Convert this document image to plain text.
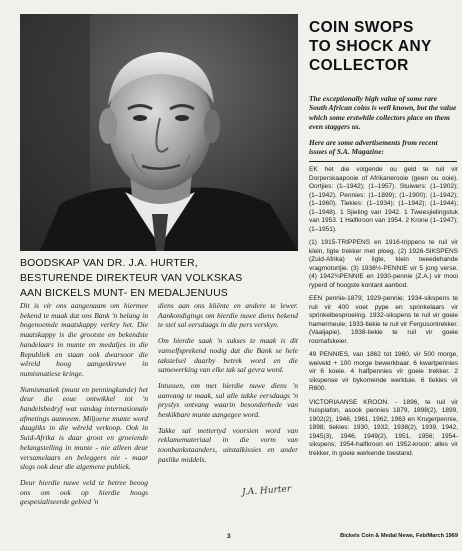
COIN SWOPS
TO SHOCK ANY
COLLECTOR

The exceptionally high value of some rare South African coins is well known, but the value which some erstwhile collectors place on them even staggers us.

Here are some advertisements from recent issues of S.A. Magazine:

EK het die volgende ou geld te ruil vir Dorperskaapooie of Afrikanerooie (geen ou ooie). Oortjies: (1–1942); (1–1957). Stuiwers: (1–1902); (1–1942). Pennies: (1–1899); (1–1900); (1–1942); (1–1960). Tiekies: (1–1934); (1–1942); (1–1944); (1–1948). 1 Sjieling van 1942. 1 Tweesjielingstuk van 1953. 1 Halfkroon van 1954. 2 Krone (1–1947); (1–1951).

(1) 1915-TRIPPENS en 1916-trippens te ruil vir klein, ligte trekker met ploeg. (2) 1926-SIKSPENS (Zuid-Afrika) vir ligte, klein tweedehande vragmotortjie. (3) 1938½-PENNIE vir 5 jong verse. (4) 1942¾PENNIE en 1930-pennie (Z.A.) vir mooi ryperd of hoogste kontant aanbod.

EEN pennie-1879; 1929-pennie; 1934-sikspens te ruil vir 400 voet pype en sprinkelaars vir sprinkelbesproeiing. 1932-sikspens te ruil vir goeie hamermeule; 1933-tiekie te ruil vir Fergusontrekker. (Vaaljapie). 1938-tiekie te ruil vir goeie roomafskeier.

49 PENNIES, van 1862 tot 1960, vir 500 morge, weiveld + 100 morge bewerkbaar. 6 kwartpennies vir 6 koeie. 4 halfpennies vir goeie trekker. 2 sikspense vir bykomende werktuie. 6 tiekies vir R600.

VICTORIAANSE KROON. - 1896, te ruil vir huisplafon, asook pennies 1879, 1898(2), 1899, 1902(2), 1946, 1961, 1962, 1963 en Krugerpennie, 1898; tiekies: 1930, 1932, 1938(2), 1939, 1942, 1945(3), 1946, 1949(2), 1951, 1956; 1954-sikspens; 1954-halfkroon en 1952-kroon; alles vir trekker, in goeie werkende toestand.

BOODSKAP VAN DR. J.A. HURTER,
BESTURENDE DIREKTEUR VAN VOLKSKAS
AAN BICKELS MUNT- EN MEDALJENUUS

Dit is vir ons aangenaam om hiermee bekend te maak dat ons Bank 'n belang in bogenoemde maatskappy verkry het. Die maatskappy is die grootste en bekendste handelaars in munte en medaljes in die Republiek en staan ook dwarsoor die wêreld hoog aangeskrewe in numismatiese kringe.

Numismatiek (munt en penningkunde) het deur die eeue ontwikkel tot 'n handelsbedryf wat vandag internasionale afmetings aanneem. Miljoene munte word daagliks in die wêreld verkoop. Ook in Suid-Afrika is daar groot en groeiende belangstelling in munte - nie alleen deur versamelaars en beleggers nie - maar slegs ook deur die algemene publiek.

Deur hierdie nuwe veld te betree beoog ons om ook op hierdie hoogs gespesialiseerde gebied 'n

diens aan ons kliënte en andere te lewer. Aankondigings om hierdie nuwe diens bekend te stel sal eersdaags in die pers verskyn.

Om hierdie saak 'n sukses te maak is dit vanselfsprekend nodig dat die Bank se hele takstelsel daarby betrek word en die samewerking van elke tak sal gevra word.

Intussen, om met hierdie nuwe diens 'n aanvang te maak, sal alle takke eersdaags 'n pryslys ontvang waarin besonderhede van beskikbare munte aangegee word.

Takke sal mettertyd voorsien word van reklamemateriaal in die vorm van toonbankstaanders, uitstalkissies en ander paslike middels.

J.A. Hurter
3	Bickels Coin & Medal News, Feb/March 1969
